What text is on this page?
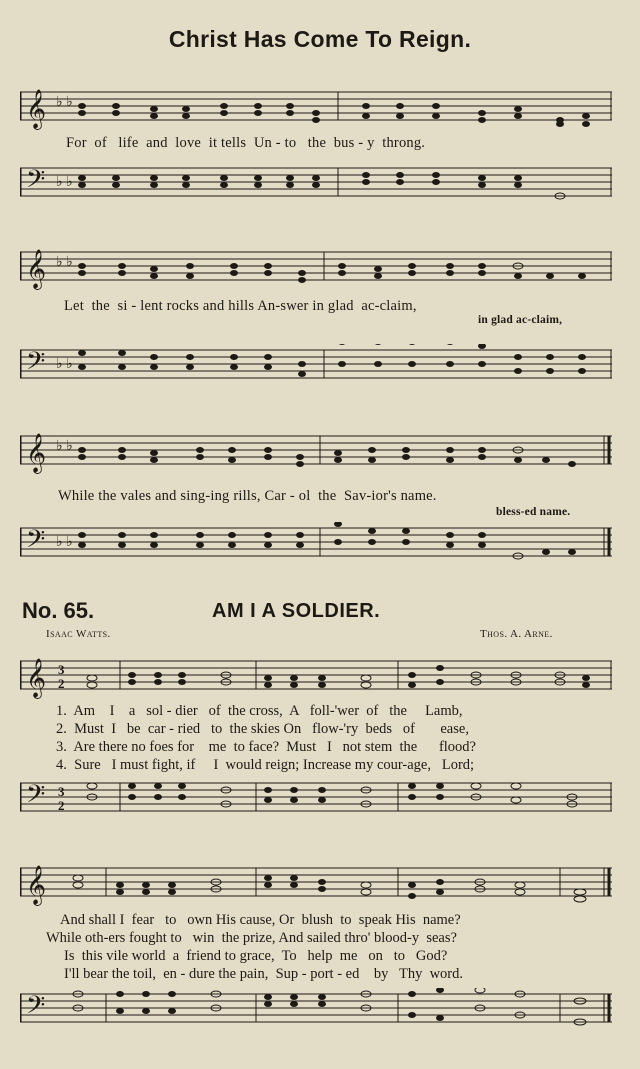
Christ Has Come To Reign.
𝄞 ♭ ♭
For  of   life  and  love  it tells  Un - to   the  bus - y  throng.
𝄢 ♭ ♭
𝄞 ♭ ♭
Let  the  si - lent rocks and hills An-swer in glad  ac-claim,
in glad ac-claim,
𝄢 ♭ ♭
𝄞 ♭ ♭
While the vales and sing-ing rills, Car - ol  the  Sav-ior's name.
bless-ed name.
𝄢 ♭ ♭
No. 65.	AM I A SOLDIER.
Isaac Watts.	Thos. A. Arne.
𝄞 3
2
1.  Am    I    a   sol - dier   of  the cross,  A   foll-'wer  of   the     Lamb,
2.  Must  I   be  car - ried   to  the skies On   flow-'ry  beds   of       ease,
3.  Are there no foes for    me  to face?  Must   I   not stem  the      flood?
4.  Sure   I must fight, if     I  would reign; Increase my cour-age,   Lord;
𝄢 3
2
𝄞
And shall I  fear   to   own His cause, Or  blush  to  speak His  name?
While oth-ers fought to   win  the prize, And sailed thro' blood-y  seas?
Is  this vile world  a  friend to grace,  To   help  me   on   to   God?
I'll bear the toil,  en - dure the pain,  Sup - port - ed    by   Thy  word.
𝄢
